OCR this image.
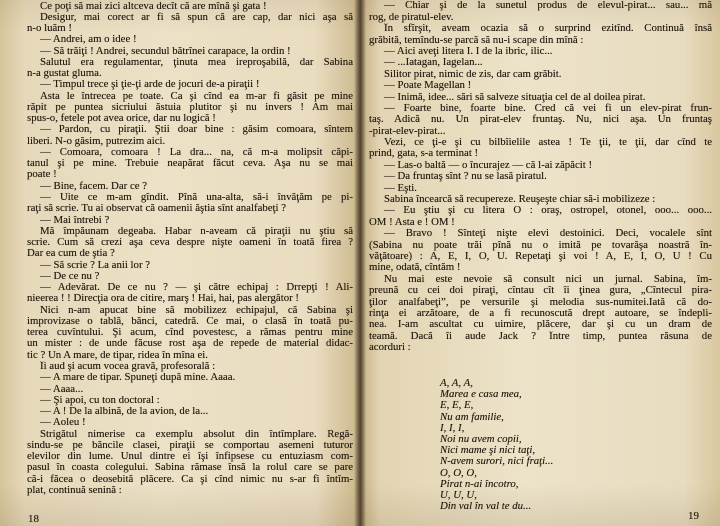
Ce poţi să mai zici altceva decît că are mînă şi gata !
Desigur, mai corect ar fi să spun că are cap, dar nici aşa să
n-o luăm !
— Andrei, am o idee !
— Să trăiţi ! Andrei, secundul bătrînei carapace, la ordin !
Salutul era regulamentar, ţinuta mea ireproşabilă, dar Sabina
n-a gustat gluma.
— Timpul trece şi ţie-ţi arde de jocuri de-a piraţii !
Asta le întrecea pe toate. Ca şi cînd ea m-ar fi găsit pe mine
răpit pe puntea sicriului ăstuia plutitor şi nu invers ! Am mai
spus-o, fetele pot avea orice, dar nu logică !
— Pardon, cu piraţii. Ştii doar bine : găsim comoara, sîntem
liberi. N-o găsim, putrezim aici.
— Comoara, comoara ! La dra... na, că m-a molipsit căpi-
tanul şi pe mine. Trebuie neapărat făcut ceva. Aşa nu se mai
poate !
— Bine, facem. Dar ce ?
— Uite ce m-am gîndit. Pînă una-alta, să-i învăţăm pe pi-
raţi să scrie. Tu ai observat că oamenii ăştia sînt analfabeţi ?
— Mai întrebi ?
Mă împăunam degeaba. Habar n-aveam că piraţii nu ştiu să
scrie. Cum să crezi aşa ceva despre nişte oameni în toată firea ?
Dar ea cum de ştia ?
— Să scrie ? La anii lor ?
— De ce nu ?
— Adevărat. De ce nu ? — şi către echipaj : Drrepţi ! Ali-
nieerea ! ! Direcţia ora de citire, marş ! Hai, hai, pas alergător !
Nici n-am apucat bine să mobilizez echipajul, că Sabina şi
improvizase o tablă, bănci, catedră. Ce mai, o clasă în toată pu-
terea cuvîntului. Şi acum, cînd povestesc, a rămas pentru mine
un mister : de unde făcuse rost aşa de repede de material didac-
tic ? Un A mare, de tipar, ridea în mîna ei.
Îi aud şi acum vocea gravă, profesorală :
— A mare de tipar. Spuneţi după mine. Aaaa.
— Aaaa...
— Şi apoi, cu ton doctoral :
— A ! De la albină, de la avion, de la...
— Aoleu !
Strigătul nimerise ca exemplu absolut din întîmplare. Regă-
sindu-se pe băncile clasei, piraţii se comportau asemeni tuturor
elevilor din lume. Unul dintre ei îşi înfipsese cu entuziasm com-
pasul în coasta colegului. Sabina rămase însă la rolul care se pare
că-i făcea o deosebită plăcere. Ca şi cînd nimic nu s-ar fi întîm-
plat, continuă senină :
18
— Chiar şi de la sunetul produs de elevul-pirat... sau... mă
rog, de piratul-elev.
În sfîrşit, aveam ocazia să o surprind ezitînd. Continuă însă
grăbită, temîndu-se parcă să nu-i scape din mînă :
— Aici aveţi litera I. I de la ibric, ilic...
— ...Iatagan, Iagelan...
Silitor pirat, nimic de zis, dar cam grăbit.
— Poate Magellan !
— Inimă, idee... sări să salveze situaţia cel de al doilea pirat.
— Foarte bine, foarte bine. Cred că vei fi un elev-pirat frun-
taş. Adică nu. Un pirat-elev fruntaş. Nu, nici aşa. Un fruntaş
-pirat-elev-pirat...
Vezi, ce ţi-e şi cu bilbîielile astea ! Te ţii, te ţii, dar cînd te
prind, gata, s-a terminat !
— Las-o baltă — o încurajez — că l-ai zăpăcit !
— Da fruntaş sînt ? nu se lasă piratul.
— Eşti.
Sabina încearcă să recupereze. Reuşeşte chiar să-i mobilizeze :
— Eu ştiu şi cu litera O : oraş, ostropel, otonel, ooo... ooo...
OM ! Asta e ! OM !
— Bravo ! Sînteţi nişte elevi destoinici. Deci, vocalele sînt
(Sabina nu poate trăi pînă nu o imită pe tovarăşa noastră în-
văţătoare) : A, E, I, O, U. Repetaţi şi voi ! A, E, I, O, U ! Cu
mine, odată, cîntăm !
Nu mai este nevoie să consult nici un jurnal. Sabina, îm-
preună cu cei doi piraţi, cîntau cît îi ţinea gura, „Cîntecul pira-
ţilor analfabeţi”, pe versurile şi melodia sus-numitei.Iată că do-
rinţa ei arzătoare, de a fi recunoscută drept autoare, se îndepli-
nea. I-am ascultat cu uimire, plăcere, dar şi cu un dram de
teamă. Dacă îi aude Jack ? Între timp, puntea răsuna de
acorduri :
A, A, A,
Marea e casa mea,
E, E, E,
Nu am familie,
I, I, I,
Noi nu avem copii,
Nici mame şi nici taţi,
N-avem surori, nici fraţi...
O, O, O,
Pirat n-ai încotro,
U, U, U,
Din val în val te du...
19
